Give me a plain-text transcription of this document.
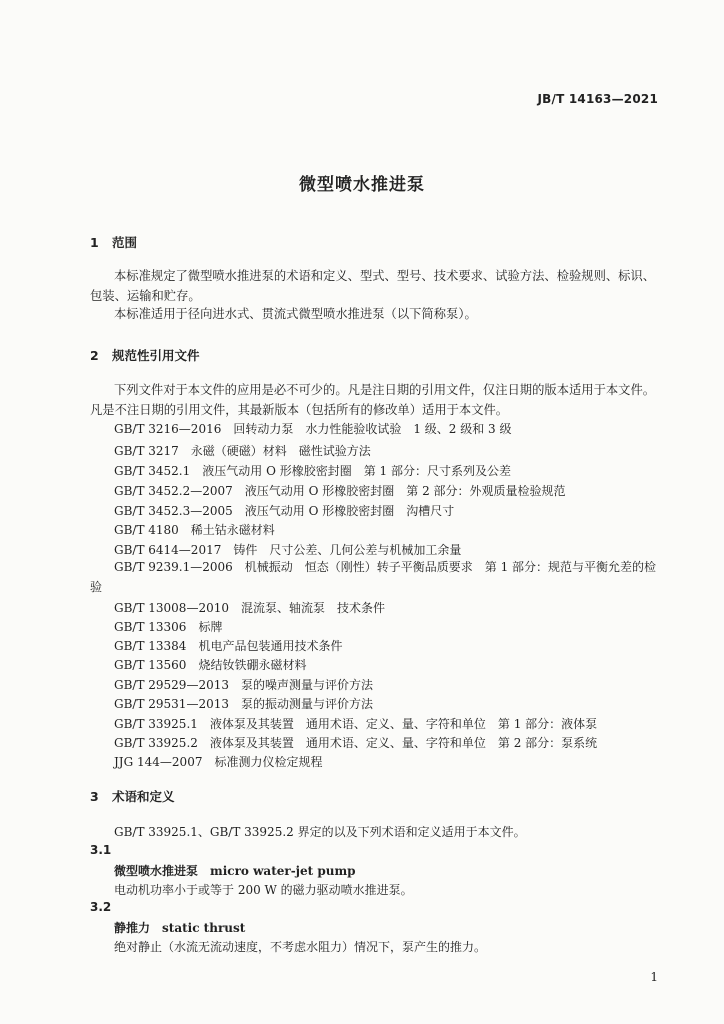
JB/T 14163—2021
微型喷水推进泵
1 范围

本标准规定了微型喷水推进泵的术语和定义、型式、型号、技术要求、试验方法、检验规则、标识、包装、运输和贮存。

本标准适用于径向进水式、贯流式微型喷水推进泵（以下简称泵）。

2 规范性引用文件

下列文件对于本文件的应用是必不可少的。凡是注日期的引用文件，仅注日期的版本适用于本文件。凡是不注日期的引用文件，其最新版本（包括所有的修改单）适用于本文件。

GB/T 3216—2016　回转动力泵　水力性能验收试验　1 级、2 级和 3 级
GB/T 3217　永磁（硬磁）材料　磁性试验方法
GB/T 3452.1　液压气动用 O 形橡胶密封圈　第 1 部分：尺寸系列及公差
GB/T 3452.2—2007　液压气动用 O 形橡胶密封圈　第 2 部分：外观质量检验规范
GB/T 3452.3—2005　液压气动用 O 形橡胶密封圈　沟槽尺寸
GB/T 4180　稀土钴永磁材料
GB/T 6414—2017　铸件　尺寸公差、几何公差与机械加工余量

GB/T 9239.1—2006　机械振动　恒态（刚性）转子平衡品质要求　第 1 部分：规范与平衡允差的检验

GB/T 13008—2010　混流泵、轴流泵　技术条件
GB/T 13306　标牌
GB/T 13384　机电产品包装通用技术条件
GB/T 13560　烧结钕铁硼永磁材料
GB/T 29529—2013　泵的噪声测量与评价方法
GB/T 29531—2013　泵的振动测量与评价方法
GB/T 33925.1　液体泵及其装置　通用术语、定义、量、字符和单位　第 1 部分：液体泵
GB/T 33925.2　液体泵及其装置　通用术语、定义、量、字符和单位　第 2 部分：泵系统
JJG 144—2007　标准测力仪检定规程
3 术语和定义
GB/T 33925.1、GB/T 33925.2 界定的以及下列术语和定义适用于本文件。
3.1
微型喷水推进泵 micro water-jet pump
电动机功率小于或等于 200 W 的磁力驱动喷水推进泵。
3.2
静推力 static thrust
绝对静止（水流无流动速度，不考虑水阻力）情况下，泵产生的推力。
1
